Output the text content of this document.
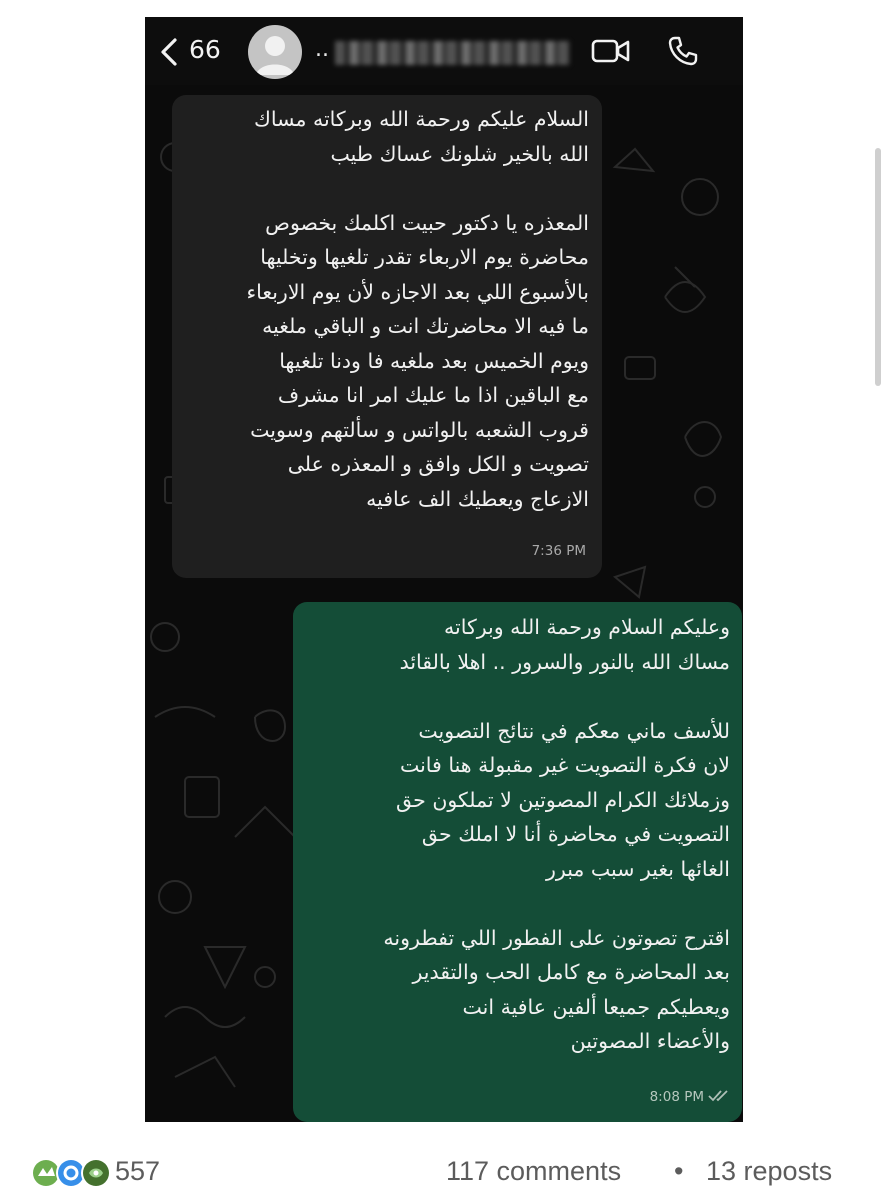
66	..

السلام عليكم ورحمة الله وبركاته مساك
الله بالخير شلونك عساك طيب

المعذره يا دكتور حبيت اكلمك بخصوص
محاضرة يوم الاربعاء تقدر تلغيها وتخليها
بالأسبوع اللي بعد الاجازه لأن يوم الاربعاء
ما فيه الا محاضرتك انت و الباقي ملغيه
ويوم الخميس بعد ملغيه فا ودنا تلغيها
مع الباقين اذا ما عليك امر انا مشرف
قروب الشعبه بالواتس و سألتهم وسويت
تصويت و الكل وافق و المعذره على
الازعاج ويعطيك الف عافيه

7:36 PM

وعليكم السلام ورحمة الله وبركاته
مساك الله بالنور والسرور .. اهلا بالقائد

للأسف ماني معكم في نتائج التصويت
لان فكرة التصويت غير مقبولة هنا فانت
وزملائك الكرام المصوتين لا تملكون حق
التصويت في محاضرة أنا لا املك حق
الغائها بغير سبب مبرر

اقترح تصوتون على الفطور اللي تفطرونه
بعد المحاضرة مع كامل الحب والتقدير
ويعطيكم جميعا ألفين عافية انت
والأعضاء المصوتين

8:08 PM
557	117 comments • 13 reposts
